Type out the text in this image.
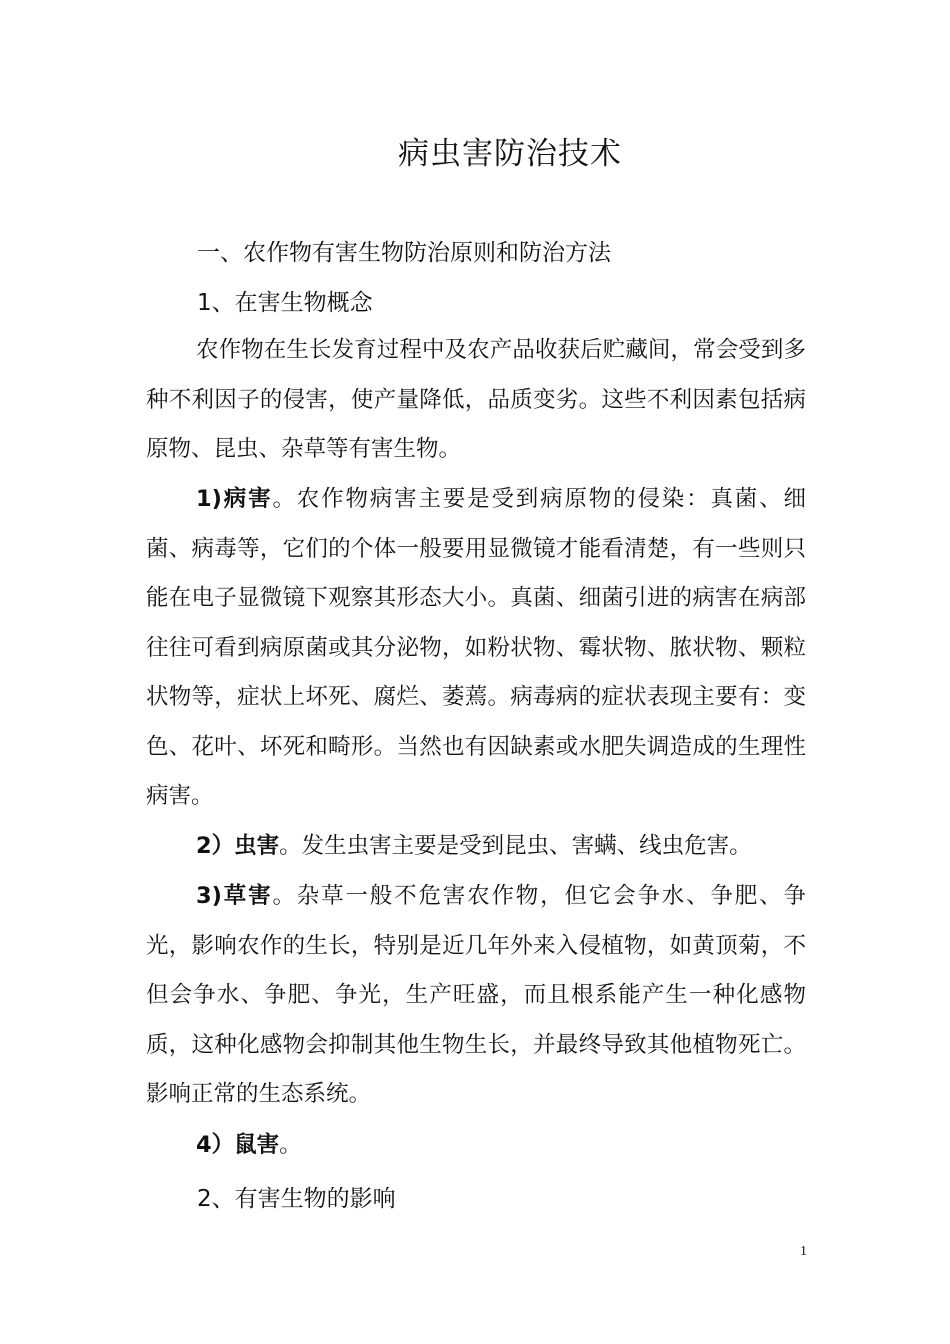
病虫害防治技术
一、农作物有害生物防治原则和防治方法
1、在害生物概念

农作物在生长发育过程中及农产品收获后贮藏间，常会受到多种不利因子的侵害，使产量降低，品质变劣。这些不利因素包括病原物、昆虫、杂草等有害生物。

1)病害。农作物病害主要是受到病原物的侵染：真菌、细菌、病毒等，它们的个体一般要用显微镜才能看清楚，有一些则只能在电子显微镜下观察其形态大小。真菌、细菌引进的病害在病部往往可看到病原菌或其分泌物，如粉状物、霉状物、脓状物、颗粒状物等，症状上坏死、腐烂、萎蔫。病毒病的症状表现主要有：变色、花叶、坏死和畸形。当然也有因缺素或水肥失调造成的生理性病害。

2）虫害。发生虫害主要是受到昆虫、害螨、线虫危害。

3)草害。杂草一般不危害农作物，但它会争水、争肥、争光，影响农作的生长，特别是近几年外来入侵植物，如黄顶菊，不但会争水、争肥、争光，生产旺盛，而且根系能产生一种化感物质，这种化感物会抑制其他生物生长，并最终导致其他植物死亡。影响正常的生态系统。

4）鼠害。

2、有害生物的影响
1
